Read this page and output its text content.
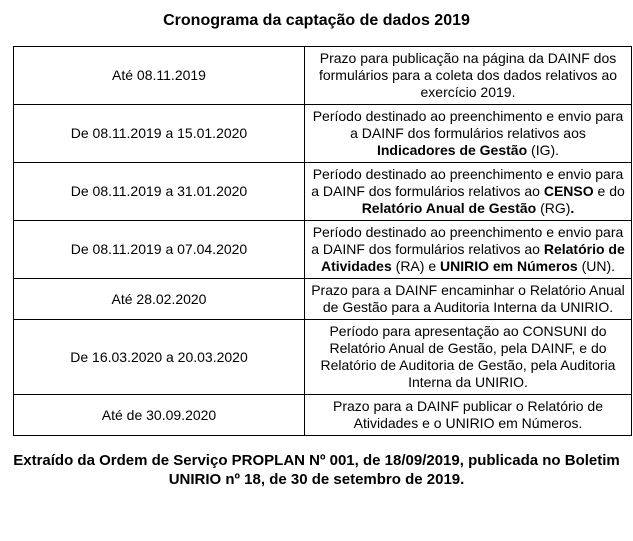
Cronograma da captação de dados 2019
Até 08.11.2019	Prazo para publicação na página da DAINF dos formulários para a coleta dos dados relativos ao exercício 2019.
De 08.11.2019 a 15.01.2020	Período destinado ao preenchimento e envio para a DAINF dos formulários relativos aos Indicadores de Gestão (IG).
De 08.11.2019 a 31.01.2020	Período destinado ao preenchimento e envio para a DAINF dos formulários relativos ao CENSO e do Relatório Anual de Gestão (RG).
De 08.11.2019 a 07.04.2020	Período destinado ao preenchimento e envio para a DAINF dos formulários relativos ao Relatório de Atividades (RA) e UNIRIO em Números (UN).
Até 28.02.2020	Prazo para a DAINF encaminhar o Relatório Anual de Gestão para a Auditoria Interna da UNIRIO.
De 16.03.2020 a 20.03.2020	Período para apresentação ao CONSUNI do Relatório Anual de Gestão, pela DAINF, e do Relatório de Auditoria de Gestão, pela Auditoria Interna da UNIRIO.
Até de 30.09.2020	Prazo para a DAINF publicar o Relatório de Atividades e o UNIRIO em Números.
Extraído da Ordem de Serviço PROPLAN Nº 001, de 18/09/2019, publicada no Boletim UNIRIO nº 18, de 30 de setembro de 2019.
